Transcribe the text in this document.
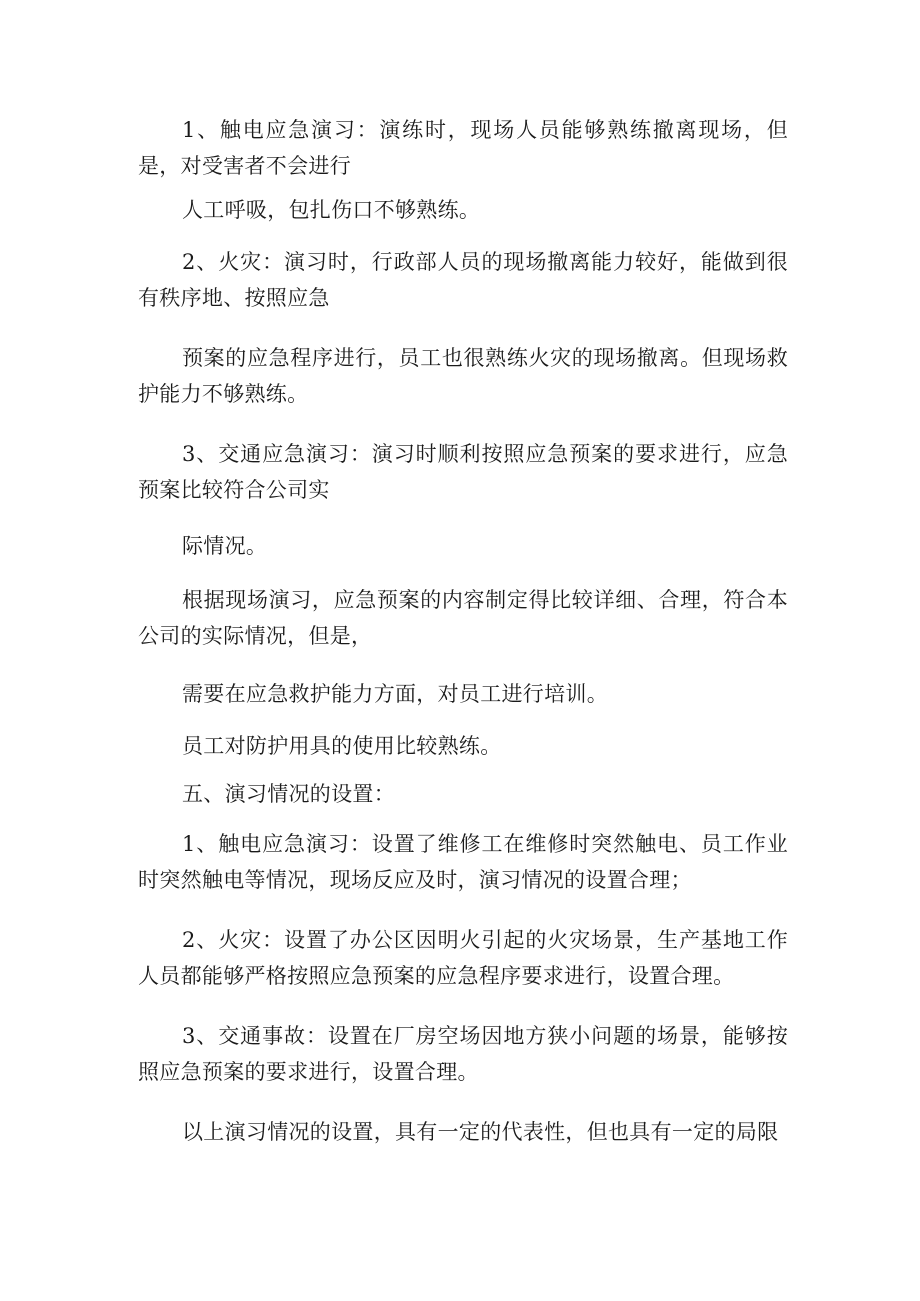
1、触电应急演习：演练时，现场人员能够熟练撤离现场，但是，对受害者不会进行

人工呼吸，包扎伤口不够熟练。

2、火灾：演习时，行政部人员的现场撤离能力较好，能做到很有秩序地、按照应急

预案的应急程序进行，员工也很熟练火灾的现场撤离。但现场救护能力不够熟练。

3、交通应急演习：演习时顺利按照应急预案的要求进行，应急预案比较符合公司实

际情况。

根据现场演习，应急预案的内容制定得比较详细、合理，符合本公司的实际情况，但是，

需要在应急救护能力方面，对员工进行培训。

员工对防护用具的使用比较熟练。

五、演习情况的设置：

1、触电应急演习：设置了维修工在维修时突然触电、员工作业时突然触电等情况，现场反应及时，演习情况的设置合理；

2、火灾：设置了办公区因明火引起的火灾场景，生产基地工作人员都能够严格按照应急预案的应急程序要求进行，设置合理。

3、交通事故：设置在厂房空场因地方狭小问题的场景，能够按照应急预案的要求进行，设置合理。

以上演习情况的设置，具有一定的代表性，但也具有一定的局限
